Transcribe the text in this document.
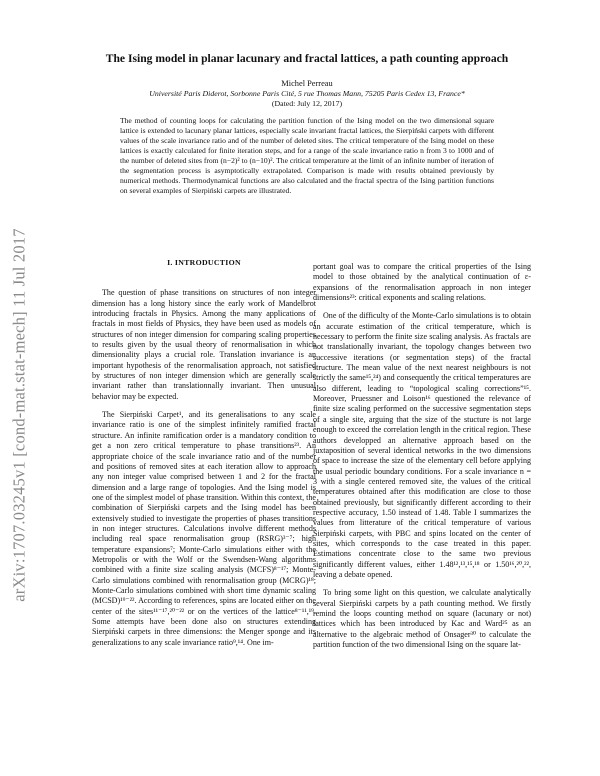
arXiv:1707.03245v1 [cond-mat.stat-mech] 11 Jul 2017
The Ising model in planar lacunary and fractal lattices, a path counting approach
Michel Perreau
Université Paris Diderot, Sorbonne Paris Cité, 5 rue Thomas Mann, 75205 Paris Cedex 13, France*
(Dated: July 12, 2017)

The method of counting loops for calculating the partition function of the Ising model on the two dimensional square lattice is extended to lacunary planar lattices, especially scale invariant fractal lattices, the Sierpiński carpets with different values of the scale invariance ratio and of the number of deleted sites. The critical temperature of the Ising model on these lattices is exactly calculated for finite iteration steps, and for a range of the scale invariance ratio n from 3 to 1000 and of the number of deleted sites from (n−2)² to (n−10)². The critical temperature at the limit of an infinite number of iteration of the segmentation process is asymptotically extrapolated. Comparison is made with results obtained previously by numerical methods. Thermodynamical functions are also calculated and the fractal spectra of the Ising partition functions on several examples of Sierpiński carpets are illustrated.

I. INTRODUCTION

The question of phase transitions on structures of non integer dimension has a long history since the early work of Mandelbrot introducing fractals in Physics. Among the many applications of fractals in most fields of Physics, they have been used as models of structures of non integer dimension for comparing scaling properties to results given by the usual theory of renormalisation in which dimensionality plays a crucial role. Translation invariance is an important hypothesis of the renormalisation approach, not satisfied by structures of non integer dimension which are generally scale invariant rather than translationnally invariant. Then unusual behavior may be expected.

The Sierpiński Carpet¹, and its generalisations to any scale invariance ratio is one of the simplest infinitely ramified fractal structure. An infinite ramification order is a mandatory condition to get a non zero critical temperature to phase transitions²³. An appropriate choice of the scale invariance ratio and of the number and positions of removed sites at each iteration allow to approach any non integer value comprised between 1 and 2 for the fractal dimension and a large range of topologies. And the Ising model is one of the simplest model of phase transition. Within this context, the combination of Sierpiński carpets and the Ising model has been extensively studied to investigate the properties of phases transitions in non integer structures. Calculations involve different methods including real space renormalisation group (RSRG)³⁻⁷; high temperature expansions⁷; Monte-Carlo simulations either with the Metropolis or with the Wolf or the Swendsen-Wang algorithms combined with a finite size scaling analysis (MCFS)⁸⁻¹⁷; Monte-Carlo simulations combined with renormalisation group (MCRG)¹⁸; Monte-Carlo simulations combined with short time dynamic scaling (MCSD)¹⁹⁻²². According to references, spins are located either on the center of the sites¹¹⁻¹⁷,²⁰⁻²² or on the vertices of the lattice⁸⁻¹¹,¹⁹. Some attempts have been done also on structures extending Sierpiński carpets in three dimensions: the Menger sponge and its generalizations to any scale invariance ratio⁹,¹⁴. One im-

portant goal was to compare the critical properties of the Ising model to those obtained by the analytical continuation of ε-expansions of the renormalisation approach in non integer dimensions²³: critical exponents and scaling relations.

One of the difficulty of the Monte-Carlo simulations is to obtain an accurate estimation of the critical temperature, which is necessary to perform the finite size scaling analysis. As fractals are not translationally invariant, the topology changes between two successive iterations (or segmentation steps) of the fractal structure. The mean value of the next nearest neighbours is not strictly the same¹⁵,²⁴) and consequently the critical temperatures are also different, leading to “topological scaling corrections”¹⁵. Moreover, Pruessner and Loison¹⁶ questioned the relevance of finite size scaling performed on the successive segmentation steps of a single site, arguing that the size of the stucture is not large enough to exceed the correlation length in the critical region. These authors developped an alternative approach based on the juxtaposition of several identical networks in the two dimensions of space to increase the size of the elementary cell before applying the usual periodic boundary conditions. For a scale invariance n = 3 with a single centered removed site, the values of the critical temperatures obtained after this modification are close to those obtained previously, but significantly different according to their respective accuracy, 1.50 instead of 1.48. Table I summarizes the values from litterature of the critical temperature of various Sierpiński carpets, with PBC and spins located on the center of sites, which corresponds to the case treated in this paper. Estimations concentrate close to the same two previous significantly different values, either 1.48¹²,¹³,¹⁵,¹⁸ or 1.50¹⁶,²⁰,²², leaving a debate opened.

To bring some light on this question, we calculate analytically several Sierpiński carpets by a path counting method. We firstly remind the loops counting method on square (lacunary or not) lattices which has been introduced by Kac and Ward²⁵ as an alternative to the algebraic method of Onsager³⁰ to calculate the partition function of the two dimensional Ising on the square lat-
